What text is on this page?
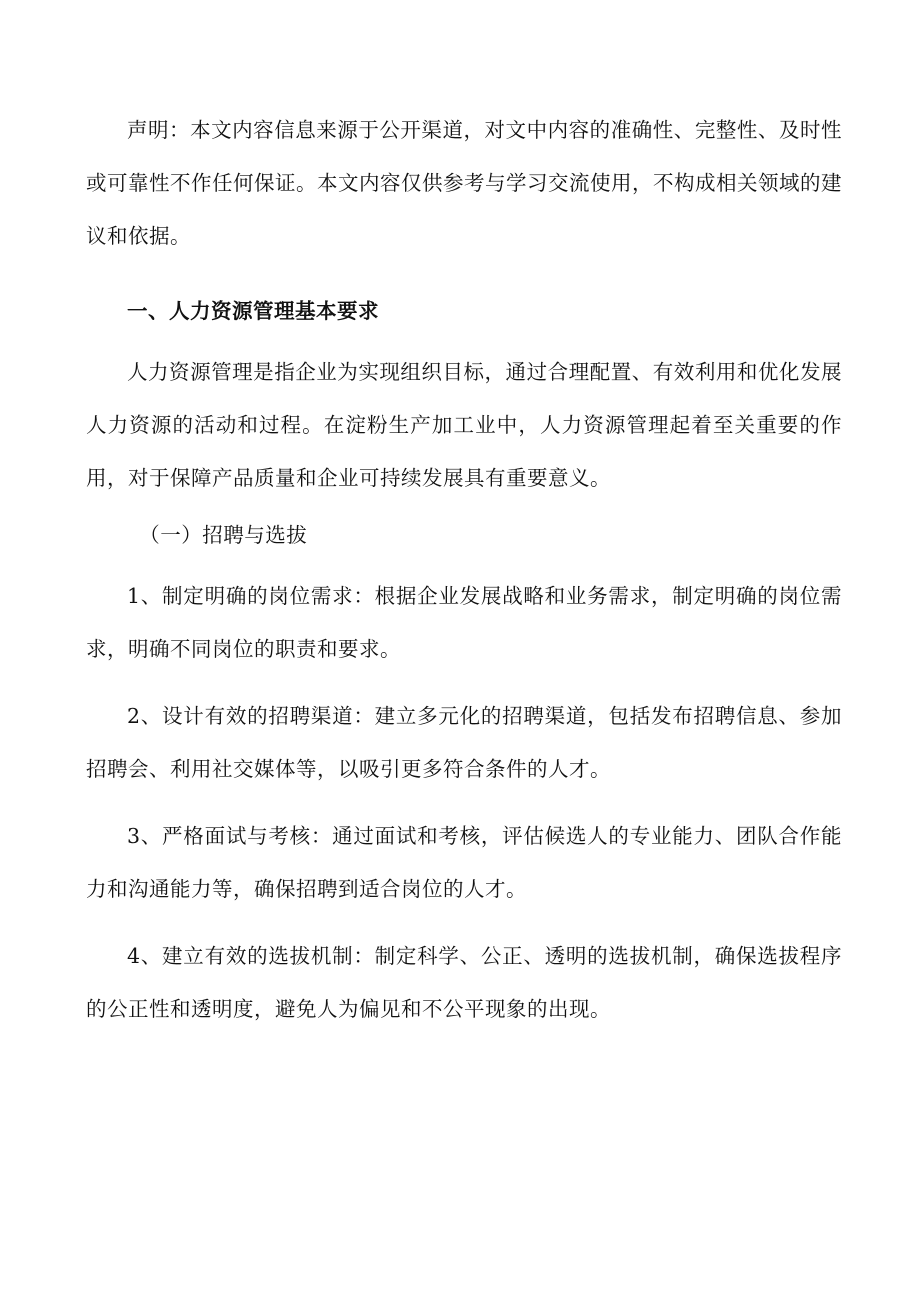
声明：本文内容信息来源于公开渠道，对文中内容的准确性、完整性、及时性或可靠性不作任何保证。本文内容仅供参考与学习交流使用，不构成相关领域的建议和依据。

一、人力资源管理基本要求

人力资源管理是指企业为实现组织目标，通过合理配置、有效利用和优化发展人力资源的活动和过程。在淀粉生产加工业中，人力资源管理起着至关重要的作用，对于保障产品质量和企业可持续发展具有重要意义。

（一）招聘与选拔

1、制定明确的岗位需求：根据企业发展战略和业务需求，制定明确的岗位需求，明确不同岗位的职责和要求。

2、设计有效的招聘渠道：建立多元化的招聘渠道，包括发布招聘信息、参加招聘会、利用社交媒体等，以吸引更多符合条件的人才。

3、严格面试与考核：通过面试和考核，评估候选人的专业能力、团队合作能力和沟通能力等，确保招聘到适合岗位的人才。

4、建立有效的选拔机制：制定科学、公正、透明的选拔机制，确保选拔程序的公正性和透明度，避免人为偏见和不公平现象的出现。
